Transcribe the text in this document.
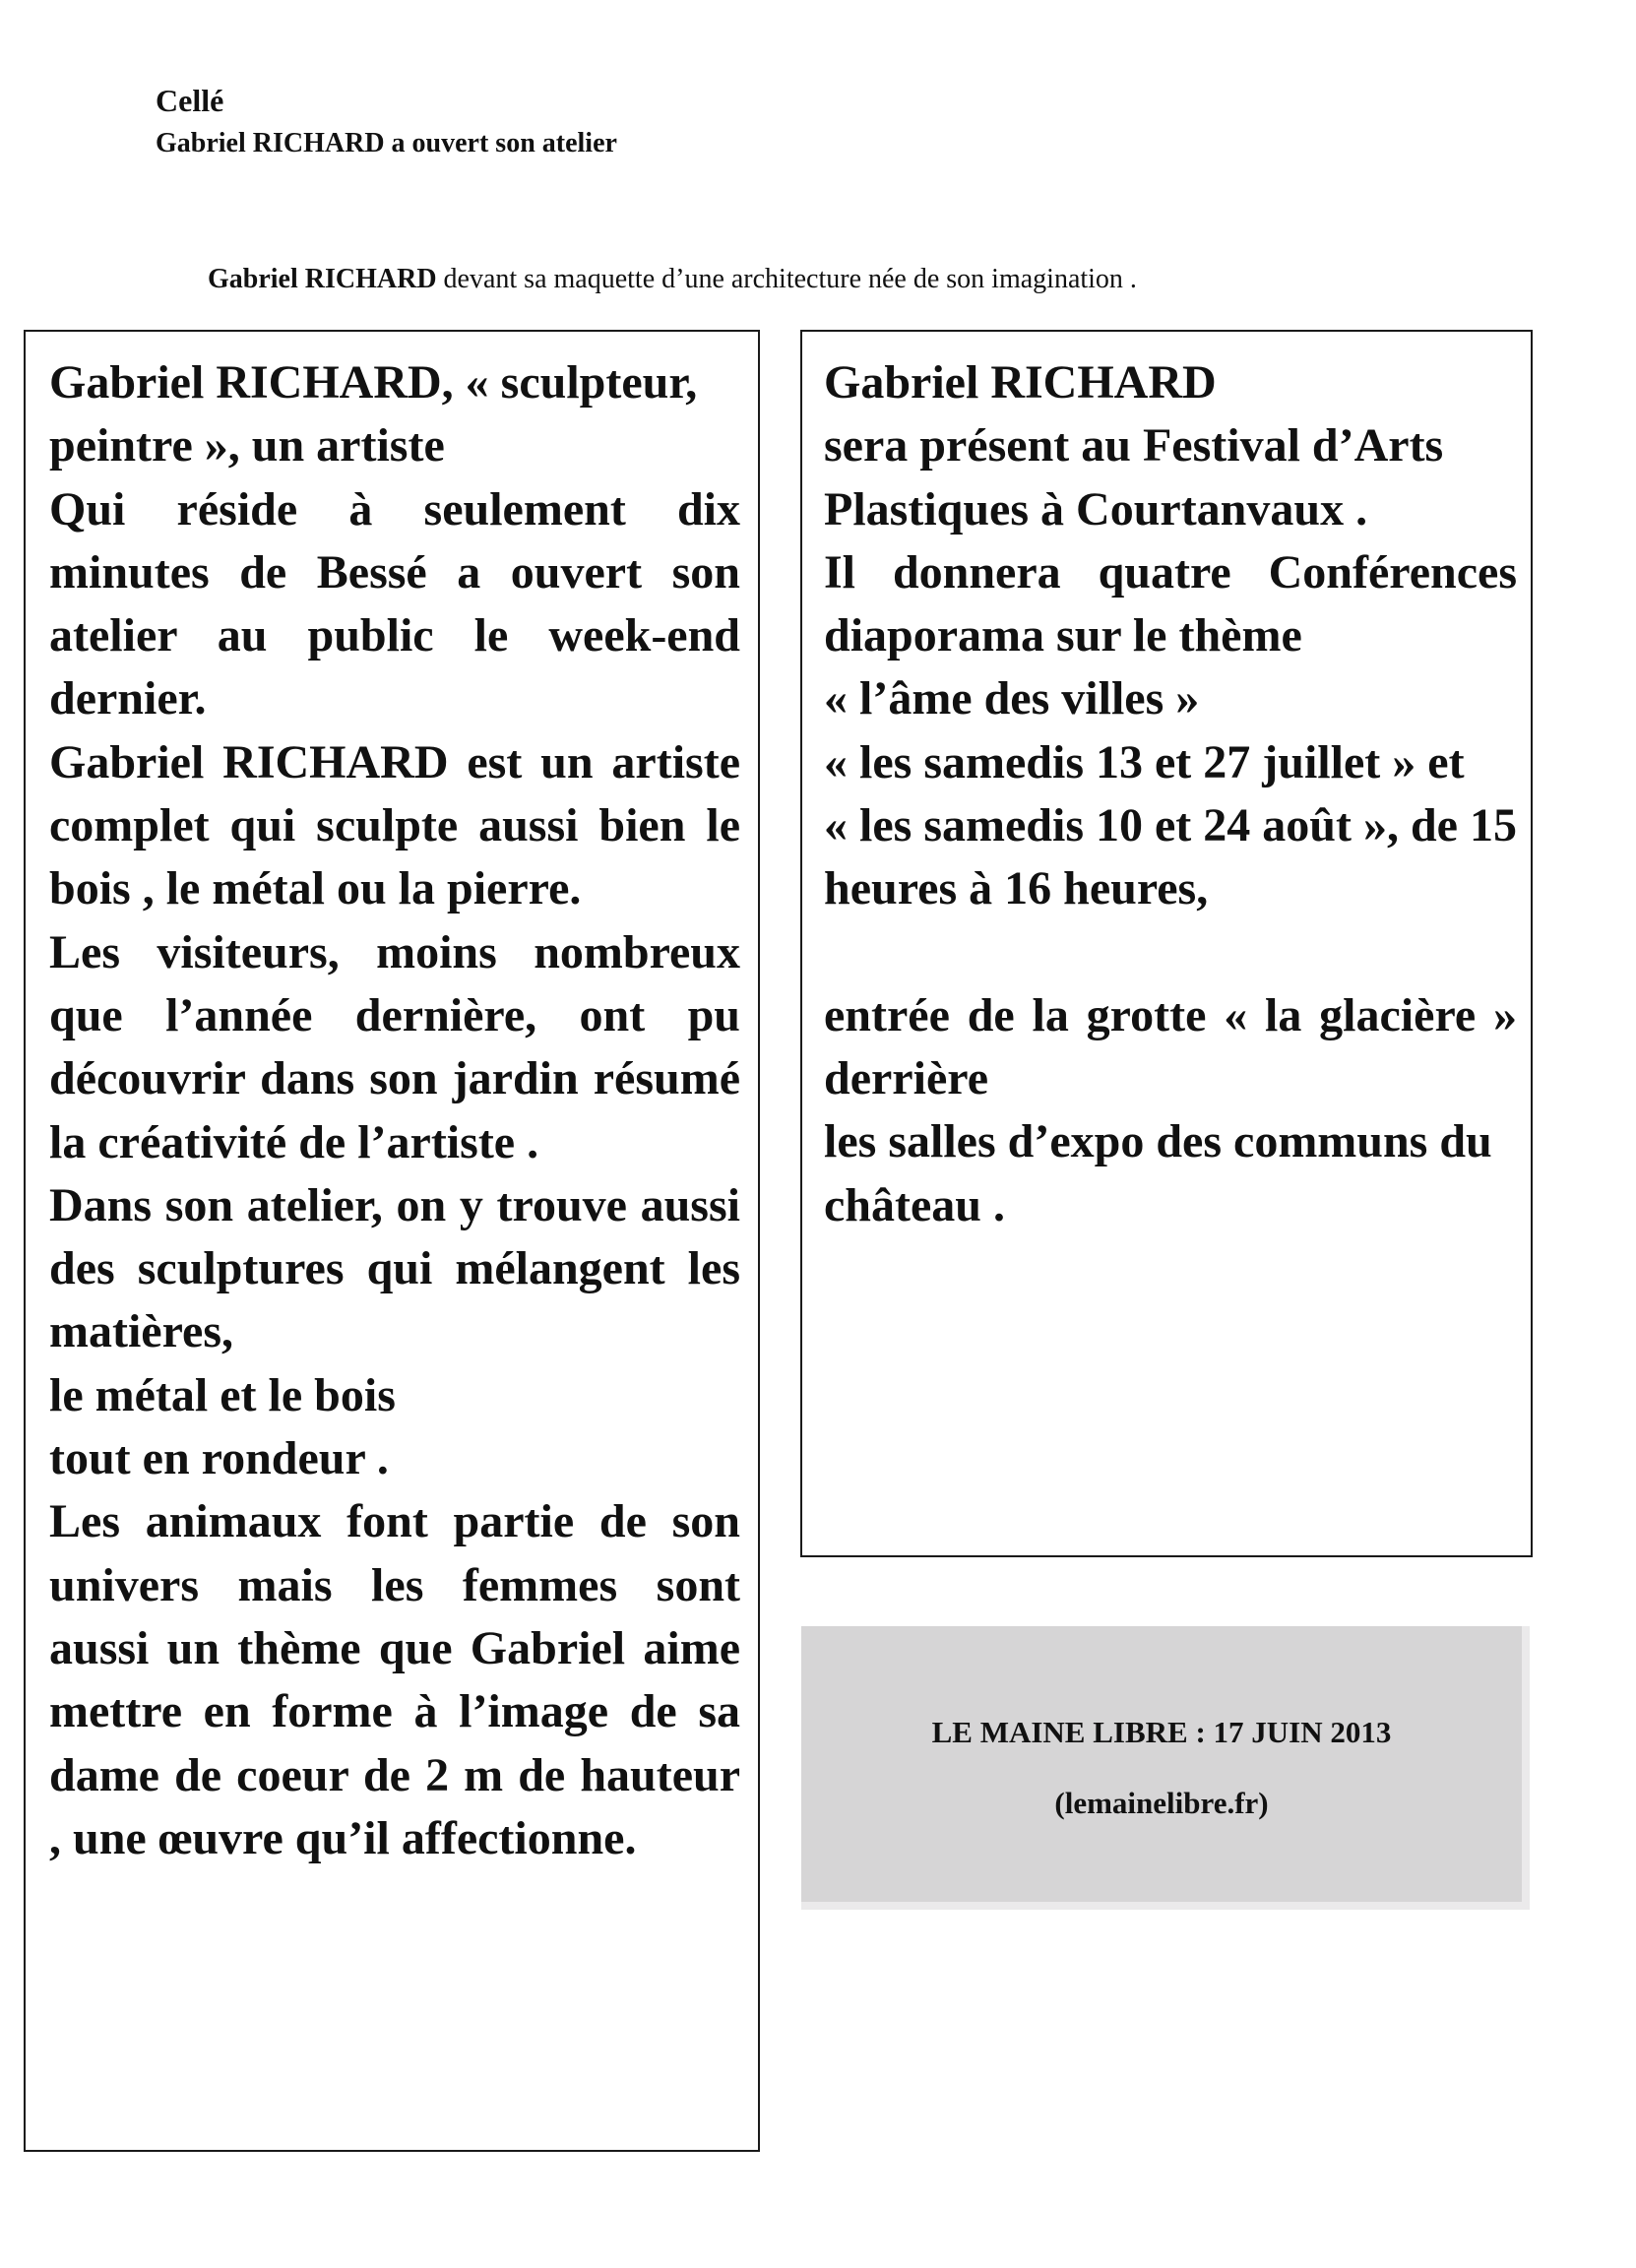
Cellé
Gabriel RICHARD a ouvert son atelier

Gabriel RICHARD devant sa maquette d’une architecture née de son imagination .

Gabriel RICHARD, « sculpteur, peintre », un artiste

Qui réside à seulement dix minutes de Bessé a ouvert son atelier au public le week-end dernier.

Gabriel RICHARD est un artiste complet qui sculpte aussi bien le bois , le métal ou la pierre.

Les visiteurs, moins nombreux que l’année dernière, ont pu découvrir dans son jardin résumé la créativité de l’artiste .

Dans son atelier, on y trouve aussi des sculptures qui mélangent les matières,

le métal et le bois

tout en rondeur .

Les animaux font partie de son univers mais les femmes sont aussi un thème que Gabriel aime mettre en forme à l’image de sa dame de coeur de 2 m de hauteur , une œuvre qu’il affectionne.

Gabriel RICHARD

sera présent au Festival d’Arts Plastiques à Courtanvaux .

Il donnera quatre Conférences diaporama sur le thème

« l’âme des villes »

« les samedis 13 et 27 juillet » et

« les samedis 10 et 24 août », de 15 heures à 16 heures,

entrée de la grotte « la glacière » derrière

les salles d’expo des communs du château .

LE MAINE LIBRE : 17 JUIN 2013

(lemainelibre.fr)
